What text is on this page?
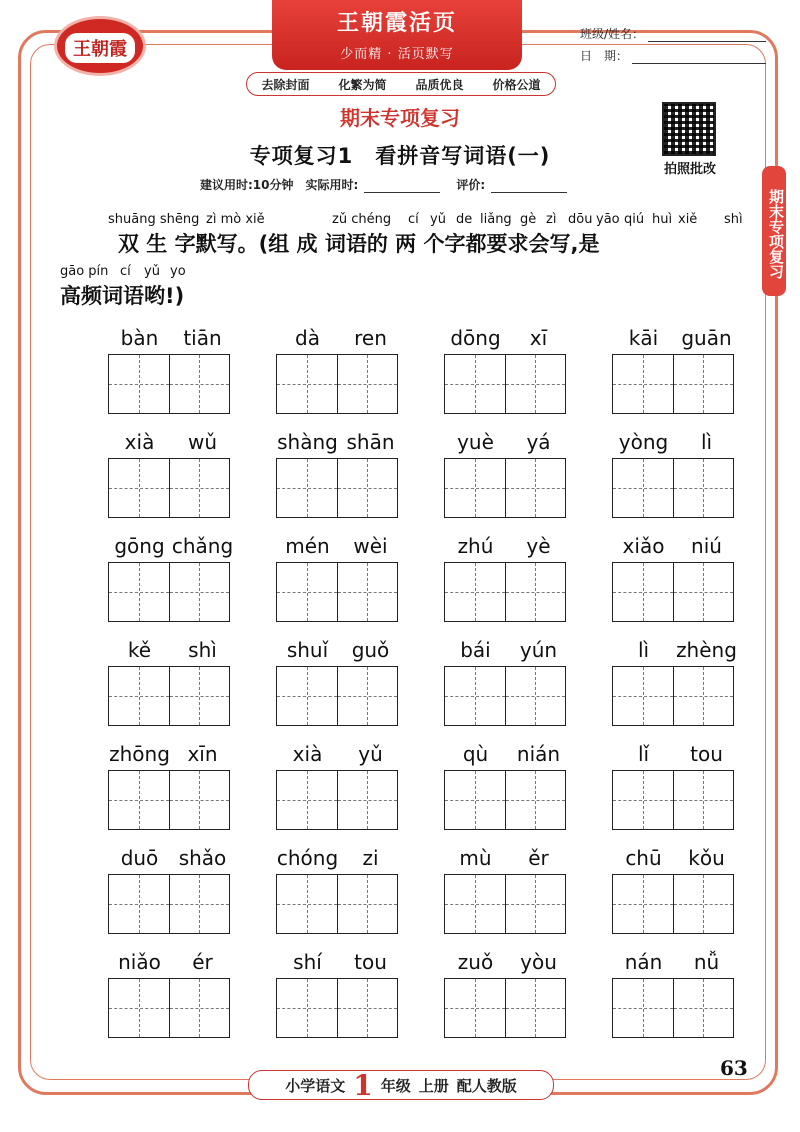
王朝霞
王朝霞活页
少而精 · 活页默写
班级/姓名：
日　期：
去除封面 化繁为简 品质优良 价格公道
期末专项复习
专项复习1　看拼音写词语(一)
拍照批改
期末专项复习
建议用时:10分钟 实际用时:	评价:
shuāng shēng zì mò xiě	zǔ chéng cí yǔ de liǎng gè zì dōu yāo qiú huì xiě shì
双 生 字默写。(组 成 词语的 两 个字都要求会写,是
gāo pín cí yǔ yo
高频词语哟!)
bàn	tiān	dà	ren	dōng	xī	kāi	guān
xià	wǔ	shàng shān	yuè	yá	yòng	lì
gōng chǎng	mén	wèi	zhú	yè	xiǎo	niú
kě	shì	shuǐ	guǒ	bái	yún	lì	zhèng
zhōng xīn	xià	yǔ	qù	nián	lǐ	tou
duō	shǎo	chóng	zi	mù	ěr	chū	kǒu
niǎo	ér	shí	tou	zuǒ	yòu	nán	nǚ
小学语文 1 年级 上册 配人教版
63
